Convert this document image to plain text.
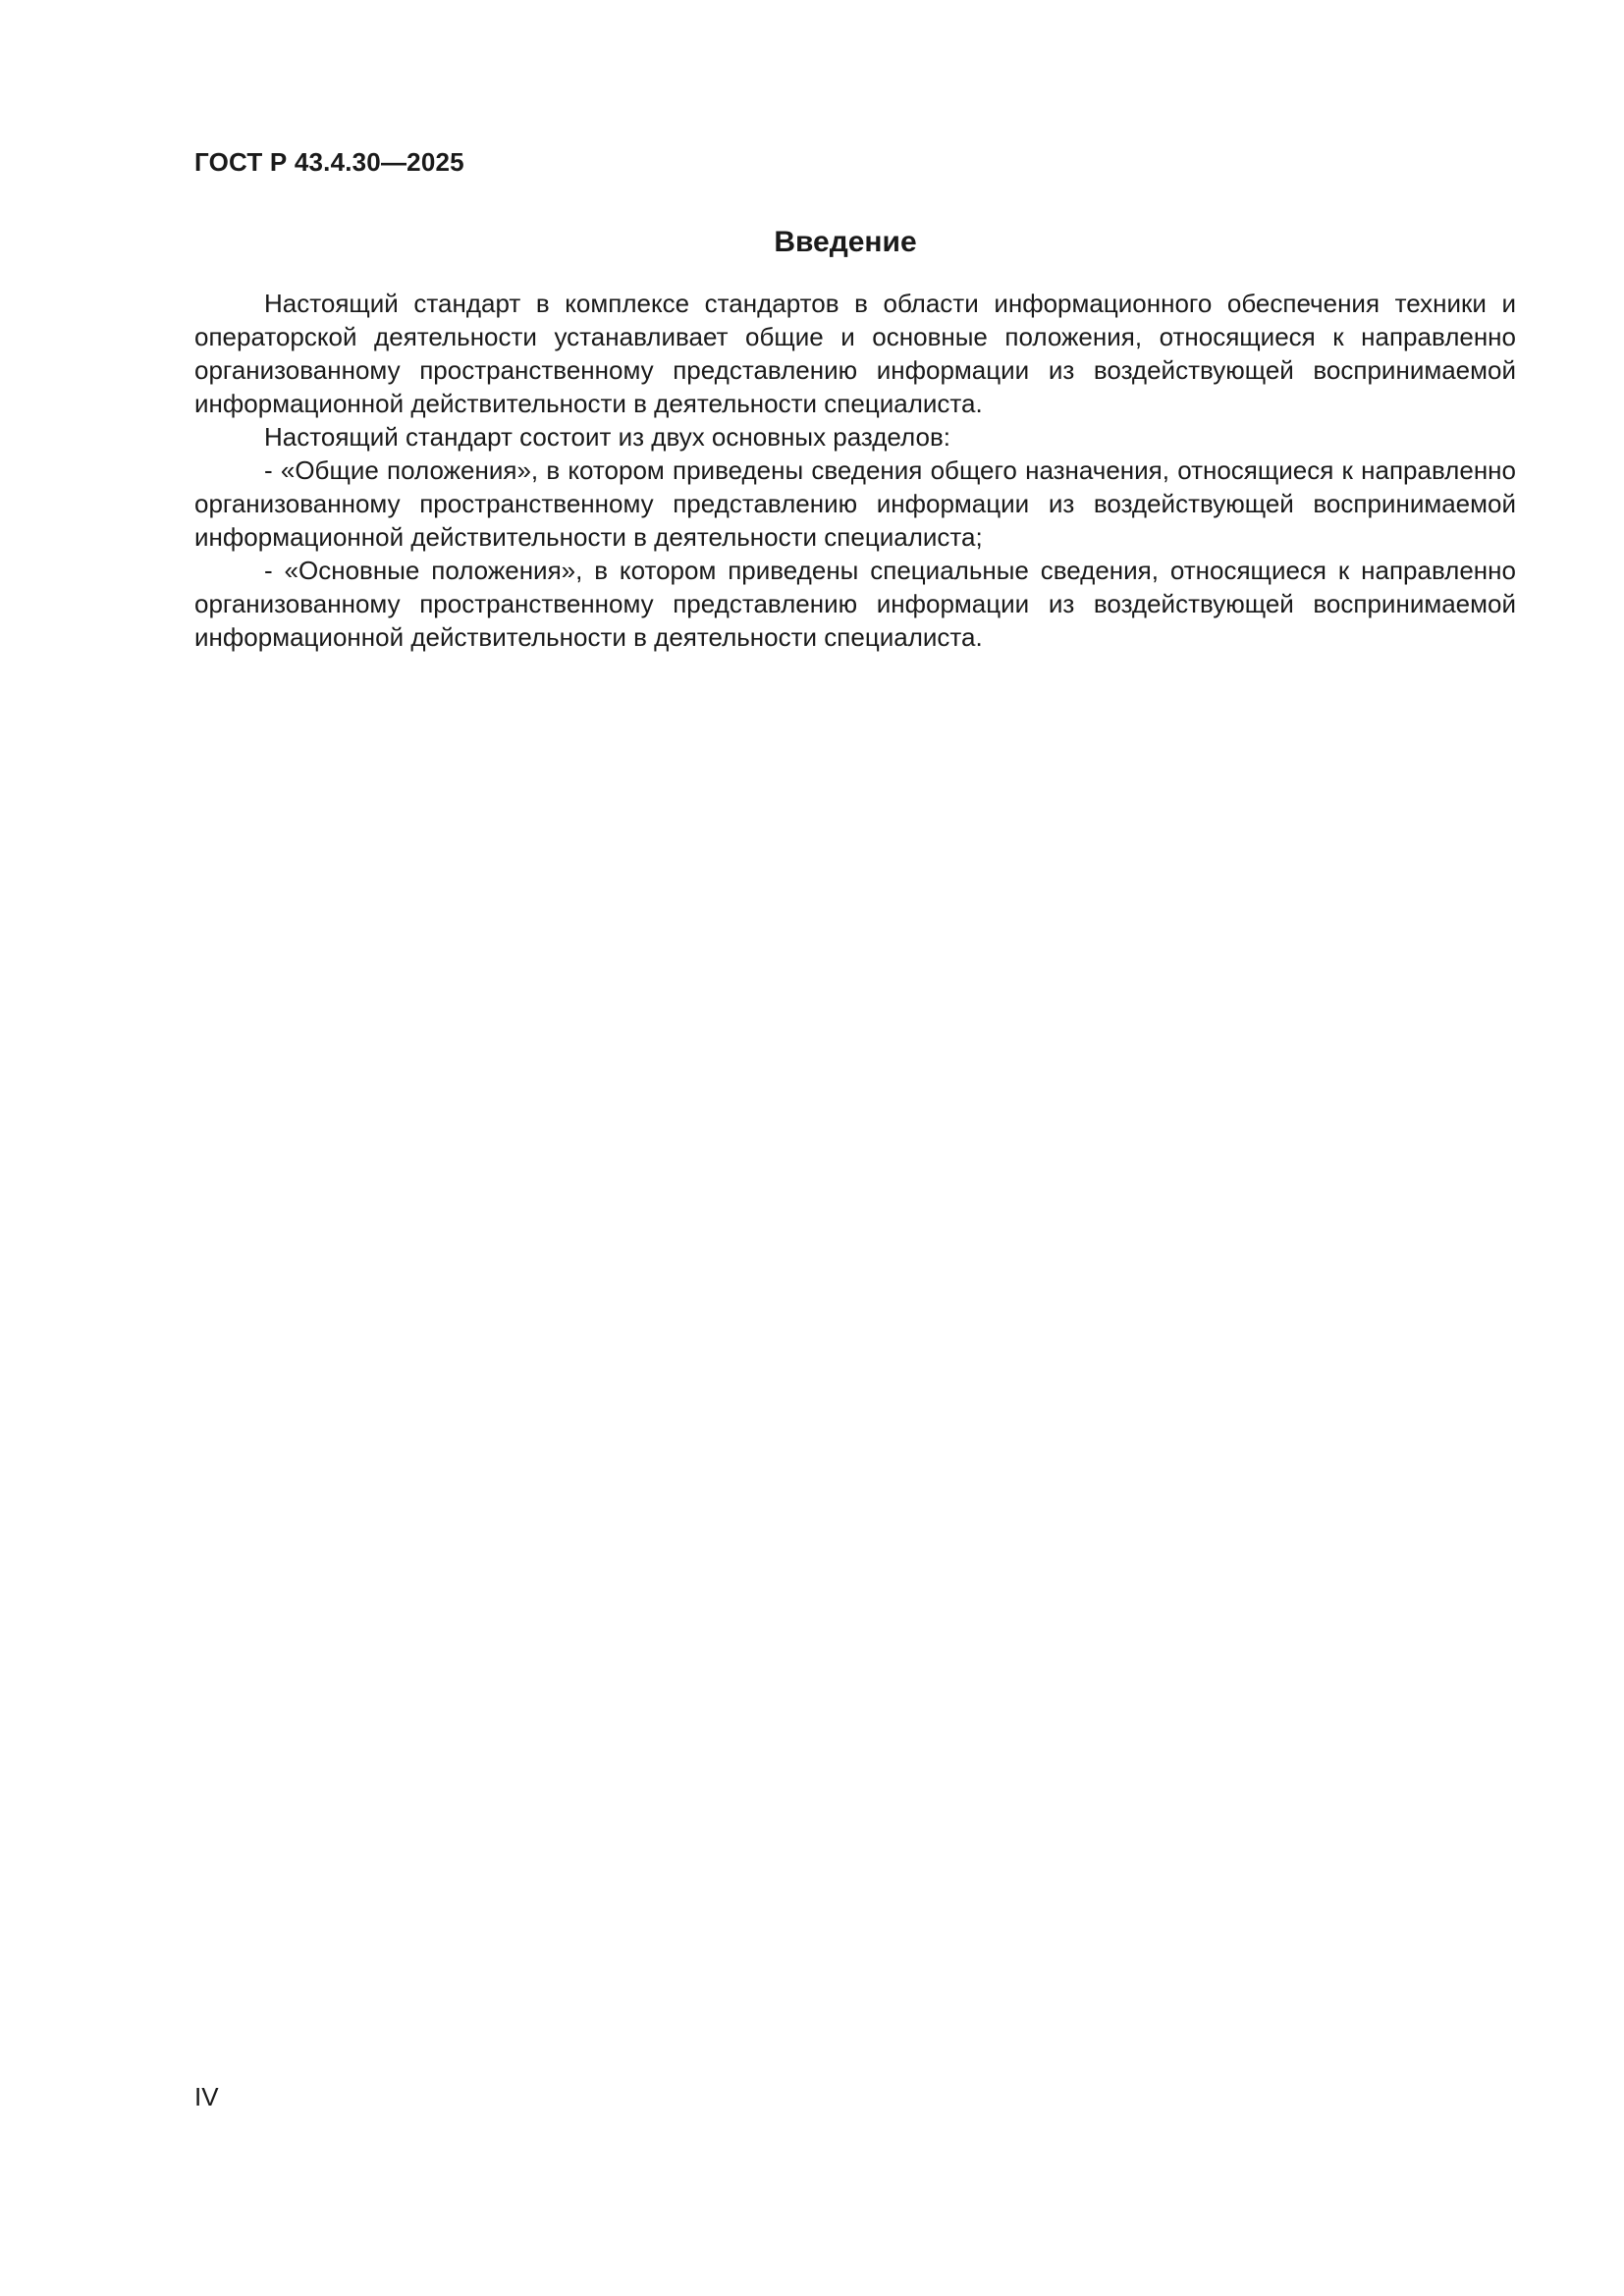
ГОСТ Р 43.4.30—2025
Введение

Настоящий стандарт в комплексе стандартов в области информационного обеспечения техники и операторской деятельности устанавливает общие и основные положения, относящиеся к направленно организованному пространственному представлению информации из воздействующей воспринимаемой информационной действительности в деятельности специалиста.

Настоящий стандарт состоит из двух основных разделов:

- «Общие положения», в котором приведены сведения общего назначения, относящиеся к направленно организованному пространственному представлению информации из воздействующей воспринимаемой информационной действительности в деятельности специалиста;

- «Основные положения», в котором приведены специальные сведения, относящиеся к направленно организованному пространственному представлению информации из воздействующей воспринимаемой информационной действительности в деятельности специалиста.

IV
